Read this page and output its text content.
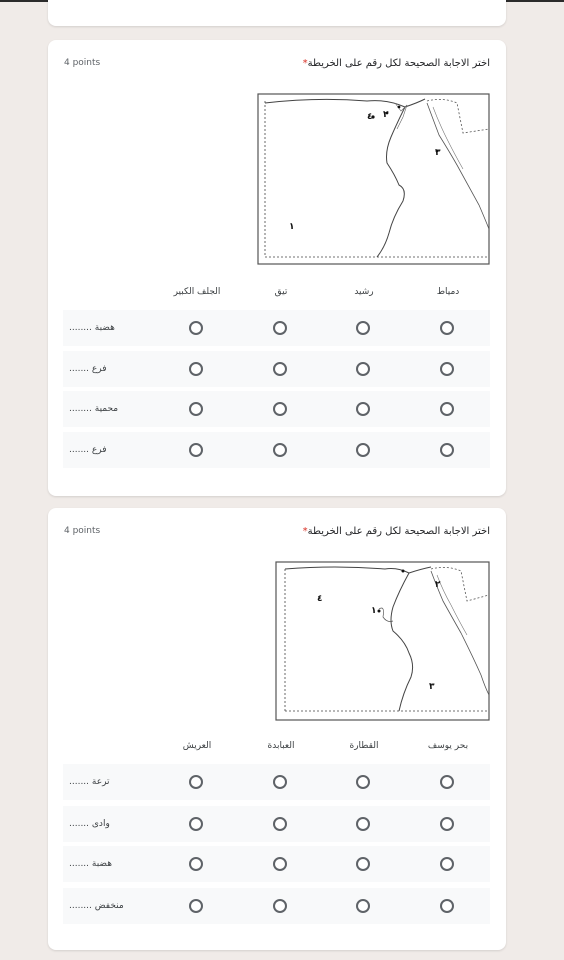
4 points	اختر الاجابة الصحيحة لكل رقم على الخريطة*
١
٢
٣
٤
دمياط
رشيد
تيق
الجلف الكبير
........ هضبة
....... فرع
........ محمية
....... فرع
4 points	اختر الاجابة الصحيحة لكل رقم على الخريطة*
١
٢
٣
٤
بحر يوسف
القطارة
العبابدة
العريش
....... ترعة
....... وادى
....... هضبة
........ منخفض
